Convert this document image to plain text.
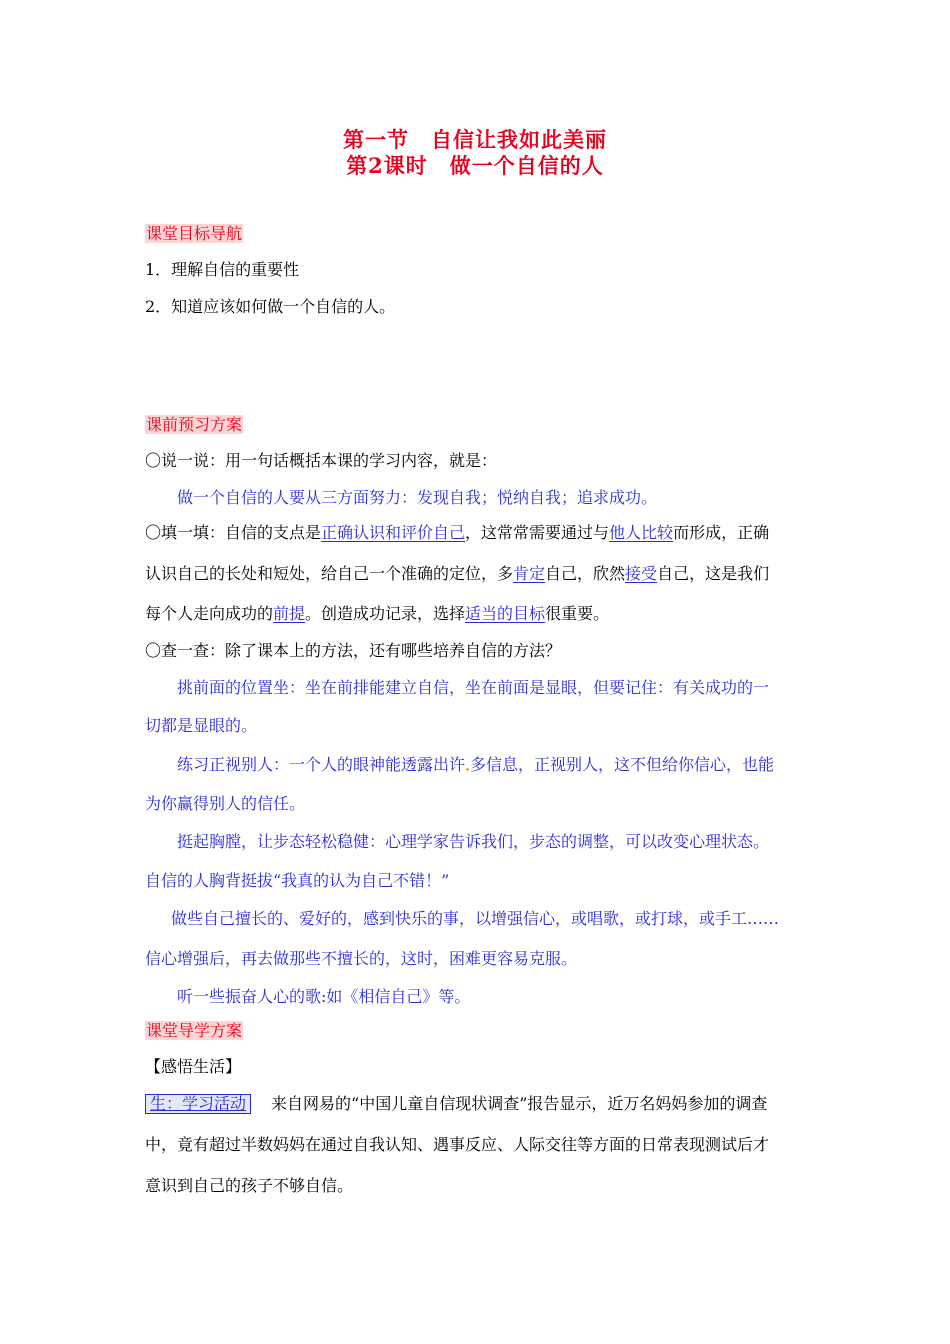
第一节　自信让我如此美丽
第2课时　做一个自信的人
课堂目标导航
1．理解自信的重要性
2．知道应该如何做一个自信的人。
课前预习方案
〇说一说：用一句话概括本课的学习内容，就是：
做一个自信的人要从三方面努力：发现自我；悦纳自我；追求成功。
〇填一填：自信的支点是正确认识和评价自己，这常常需要通过与他人比较而形成，正确
认识自己的长处和短处，给自己一个准确的定位，多肯定自己，欣然接受自己，这是我们
每个人走向成功的前提。创造成功记录，选择适当的目标很重要。
〇查一查：除了课本上的方法，还有哪些培养自信的方法？
挑前面的位置坐：坐在前排能建立自信，坐在前面是显眼，但要记住：有关成功的一
切都是显眼的。
练习正视别人：一个人的眼神能透露出许 多信息，正视别人，这不但给你信心，也能
为你赢得别人的信任。
挺起胸膛，让步态轻松稳健：心理学家告诉我们，步态的调整，可以改变心理状态。
自信的人胸背挺拔“我真的认为自己不错！”
做些自己擅长的、爱好的，感到快乐的事，以增强信心，或唱歌，或打球，或手工……
信心增强后，再去做那些不擅长的，这时，困难更容易克服。
听一些振奋人心的歌:如《相信自己》等。
课堂导学方案
【感悟生活】
生：学习活动 来自网易的“中国儿童自信现状调查”报告显示，近万名妈妈参加的调查
中，竟有超过半数妈妈在通过自我认知、遇事反应、人际交往等方面的日常表现测试后才
意识到自己的孩子不够自信。
